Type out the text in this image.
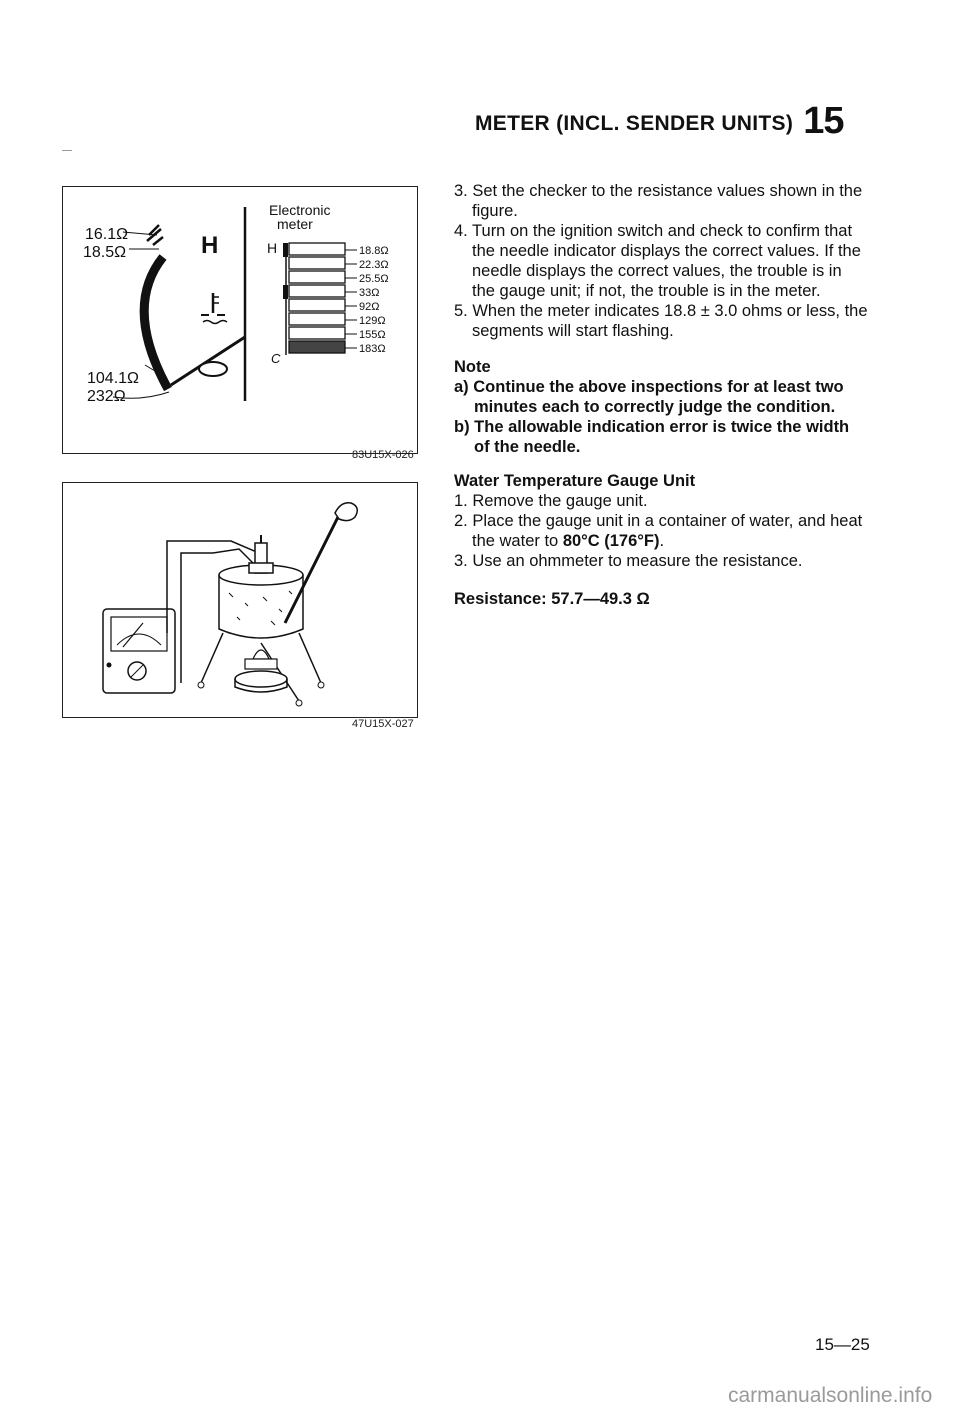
METER (INCL. SENDER UNITS) 15
16.1Ω
18.5Ω
104.1Ω
232Ω
H
Electronic
meter
H
C
18.8Ω
22.3Ω
25.5Ω
33Ω
92Ω
129Ω
155Ω
183Ω
83U15X-026
47U15X-027

3. Set the checker to the resistance values shown in the figure.

4. Turn on the ignition switch and check to confirm that the needle indicator displays the correct values. If the needle displays the correct values, the trouble is in the gauge unit; if not, the trouble is in the meter.

5. When the meter indicates 18.8 ± 3.0 ohms or less, the segments will start flashing.

Note
a) Continue the above inspections for at least two minutes each to correctly judge the condition.
b) The allowable indication error is twice the width of the needle.
Water Temperature Gauge Unit

1. Remove the gauge unit.

2. Place the gauge unit in a container of water, and heat the water to 80°C (176°F).

3. Use an ohmmeter to measure the resistance.

Resistance: 57.7—49.3 Ω
15—25
carmanualsonline.info
